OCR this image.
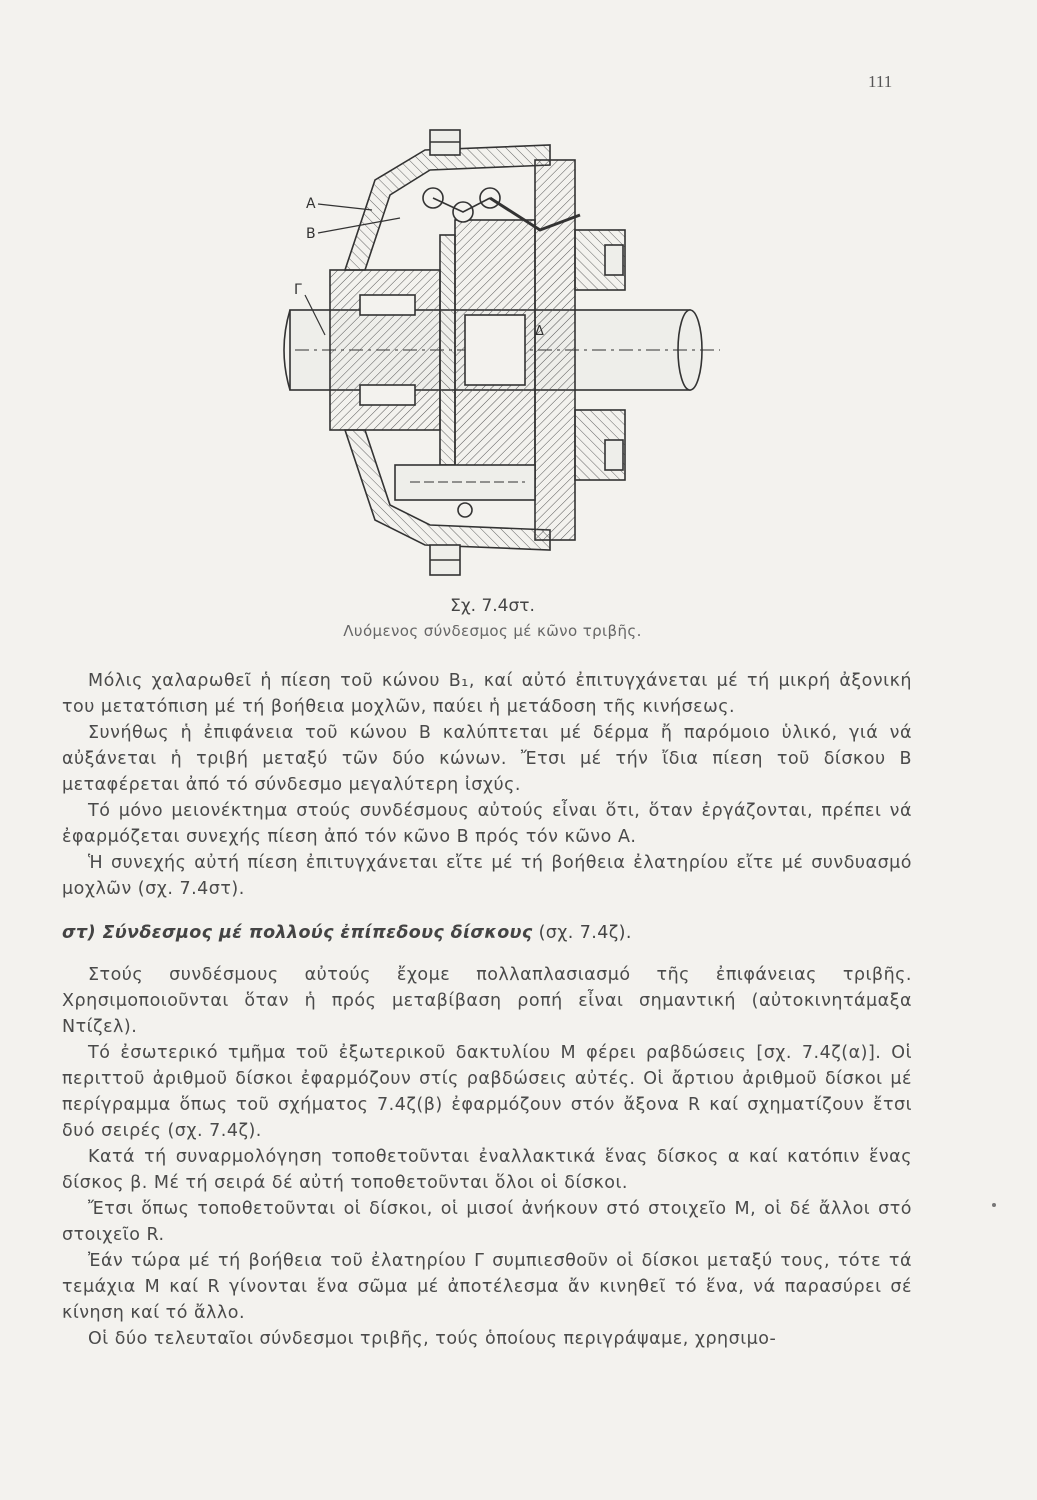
111
A
B
Γ
Δ
Σχ. 7.4στ.
Λυόμενος σύνδεσμος μέ κῶνο τριβῆς.

Μόλις χαλαρωθεῖ ἡ πίεση τοῦ κώνου Β₁, καί αὐτό ἐπιτυγχάνεται μέ τή μικρή ἀξονική του μετατόπιση μέ τή βοήθεια μοχλῶν, παύει ἡ μετάδοση τῆς κινήσεως.

Συνήθως ἡ ἐπιφάνεια τοῦ κώνου Β καλύπτεται μέ δέρμα ἤ παρόμοιο ὑλικό, γιά νά αὐξάνεται ἡ τριβή μεταξύ τῶν δύο κώνων. Ἔτσι μέ τήν ἴδια πίεση τοῦ δίσκου Β μεταφέρεται ἀπό τό σύνδεσμο μεγαλύτερη ἰσχύς.

Τό μόνο μειονέκτημα στούς συνδέσμους αὐτούς εἶναι ὅτι, ὅταν ἐργάζονται, πρέπει νά ἐφαρμόζεται συνεχής πίεση ἀπό τόν κῶνο Β πρός τόν κῶνο Α.

Ἡ συνεχής αὐτή πίεση ἐπιτυγχάνεται εἴτε μέ τή βοήθεια ἐλατηρίου εἴτε μέ συνδυασμό μοχλῶν (σχ. 7.4στ).

στ) Σύνδεσμος μέ πολλούς ἐπίπεδους δίσκους (σχ. 7.4ζ).

Στούς συνδέσμους αὐτούς ἔχομε πολλαπλασιασμό τῆς ἐπιφάνειας τριβῆς. Χρησιμοποιοῦνται ὅταν ἡ πρός μεταβίβαση ροπή εἶναι σημαντική (αὐτοκινητάμαξα Ντίζελ).

Τό ἐσωτερικό τμῆμα τοῦ ἐξωτερικοῦ δακτυλίου Μ φέρει ραβδώσεις [σχ. 7.4ζ(α)]. Οἱ περιττοῦ ἀριθμοῦ δίσκοι ἐφαρμόζουν στίς ραβδώσεις αὐτές. Οἱ ἄρτιου ἀριθμοῦ δίσκοι μέ περίγραμμα ὅπως τοῦ σχήματος 7.4ζ(β) ἐφαρμόζουν στόν ἄξονα R καί σχηματίζουν ἔτσι δυό σειρές (σχ. 7.4ζ).

Κατά τή συναρμολόγηση τοποθετοῦνται ἐναλλακτικά ἕνας δίσκος α καί κατόπιν ἕνας δίσκος β. Μέ τή σειρά δέ αὐτή τοποθετοῦνται ὅλοι οἱ δίσκοι.

Ἔτσι ὅπως τοποθετοῦνται οἱ δίσκοι, οἱ μισοί ἀνήκουν στό στοιχεῖο Μ, οἱ δέ ἄλλοι στό στοιχεῖο R.

Ἐάν τώρα μέ τή βοήθεια τοῦ ἐλατηρίου Γ συμπιεσθοῦν οἱ δίσκοι μεταξύ τους, τότε τά τεμάχια Μ καί R γίνονται ἕνα σῶμα μέ ἀποτέλεσμα ἄν κινηθεῖ τό ἕνα, νά παρασύρει σέ κίνηση καί τό ἄλλο.

Οἱ δύο τελευταῖοι σύνδεσμοι τριβῆς, τούς ὁποίους περιγράψαμε, χρησιμο-
